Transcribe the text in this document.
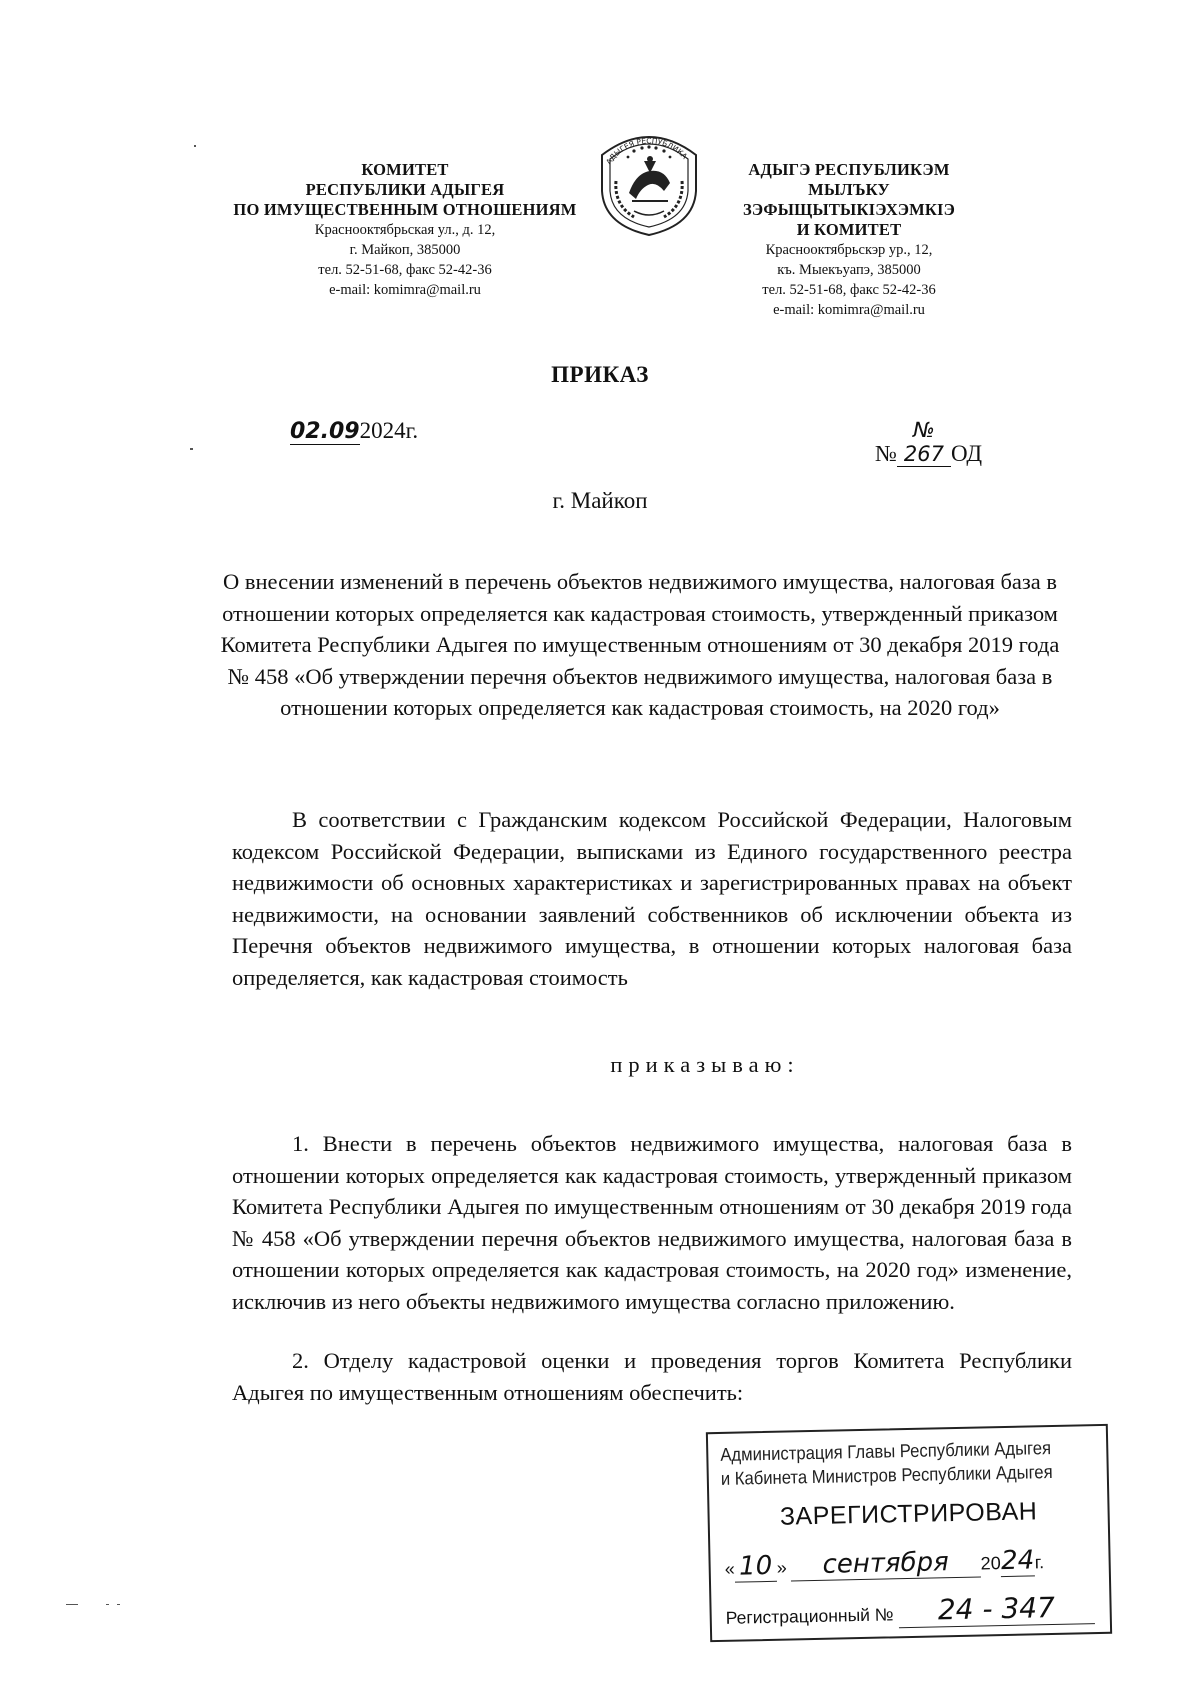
КОМИТЕТ
РЕСПУБЛИКИ АДЫГЕЯ
ПО ИМУЩЕСТВЕННЫМ ОТНОШЕНИЯМ
Краснооктябрьская ул., д. 12,
г. Майкоп, 385000
тел. 52-51-68, факс 52-42-36
e-mail: komimra@mail.ru
АДЫГЕЯ РЕСПУБЛИКА
АДЫГЭ РЕСПУБЛИКЭМ
МЫЛЪКУ ЗЭФЫЩЫТЫКIЭХЭМКIЭ
И КОМИТЕТ
Краснооктябрьскэр ур., 12,
къ. Мыекъуапэ, 385000
тел. 52-51-68, факс 52-42-36
e-mail: komimra@mail.ru
ПРИКАЗ
02.092024г.
№№ 267 ОД
г. Майкоп
О внесении изменений в перечень объектов недвижимого имущества, налоговая база в отношении которых определяется как кадастровая стоимость, утвержденный приказом Комитета Республики Адыгея по имущественным отношениям от 30 декабря 2019 года № 458 «Об утверждении перечня объектов недвижимого имущества, налоговая база в отношении которых определяется как кадастровая стоимость, на 2020 год»
В соответствии с Гражданским кодексом Российской Федерации, Налоговым кодексом Российской Федерации, выписками из Единого государственного реестра недвижимости об основных характеристиках и зарегистрированных правах на объект недвижимости, на основании заявлений собственников об исключении объекта из Перечня объектов недвижимого имущества, в отношении которых налоговая база определяется, как кадастровая стоимость
приказываю:
1. Внести в перечень объектов недвижимого имущества, налоговая база в отношении которых определяется как кадастровая стоимость, утвержденный приказом Комитета Республики Адыгея по имущественным отношениям от 30 декабря 2019 года № 458 «Об утверждении перечня объектов недвижимого имущества, налоговая база в отношении которых определяется как кадастровая стоимость, на 2020 год» изменение, исключив из него объекты недвижимого имущества согласно приложению.
2. Отделу кадастровой оценки и проведения торгов Комитета Республики Адыгея по имущественным отношениям обеспечить:
Администрация Главы Республики Адыгея
и Кабинета Министров Республики Адыгея
ЗАРЕГИСТРИРОВАН
« 10 » сентября 2024г.
Регистрационный № 24 - 347
